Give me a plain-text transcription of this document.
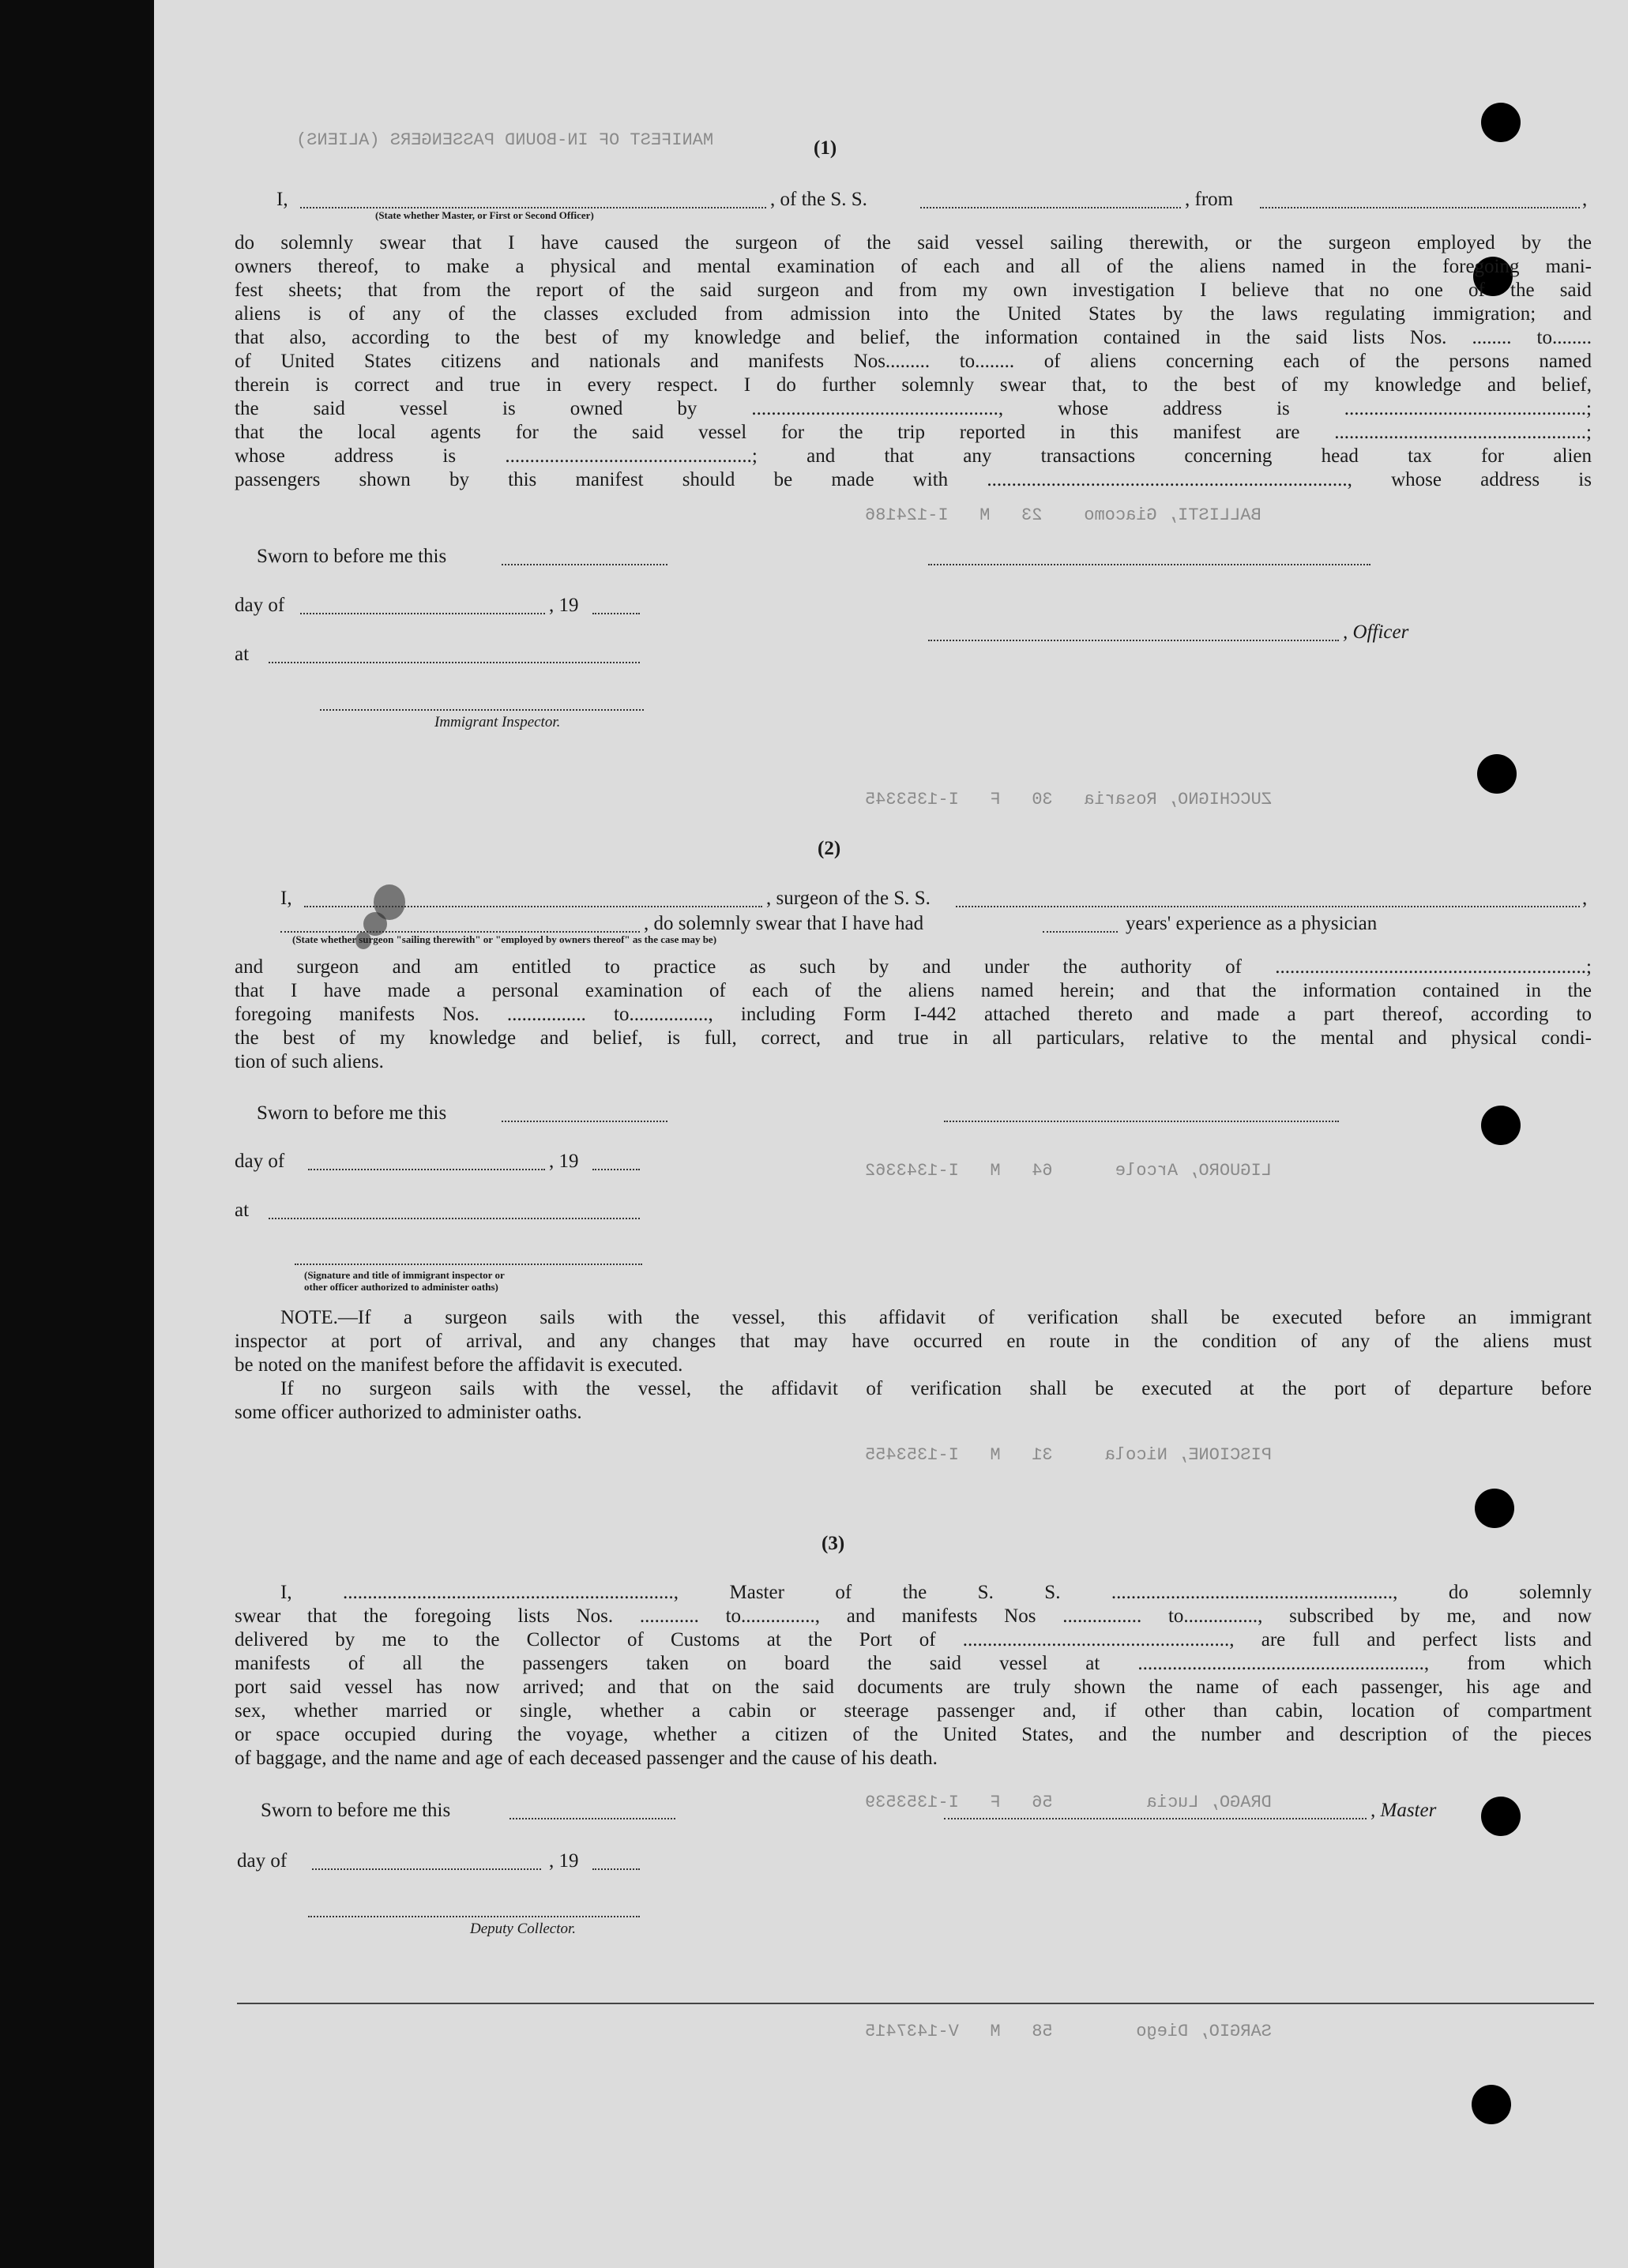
MANIFEST OF IN-BOUND PASSENGERS (ALIENS)
BALLISTI, Giacomo    23   M   I-124186
ZUCCHIGNO, Rosaria   30   F   I-1353345
LIGUORO, Arcole      64   M   I-1343362
PISCIONE, Nicola     31   M   I-1353455
DRAGO, Lucia         56   F   I-1353539
SARGIO, Diego        58   M   V-1437415
(1)
I,	, of the S. S.	, from	,
(State whether Master, or First or Second Officer)
do solemnly swear that I have caused the surgeon of the said vessel sailing therewith, or the surgeon employed by the
owners thereof, to make a physical and mental examination of each and all of the aliens named in the foregoing mani-
fest sheets; that from the report of the said surgeon and from my own investigation I believe that no one of the said
aliens is of any of the classes excluded from admission into the United States by the laws regulating immigration; and
that also, according to the best of my knowledge and belief, the information contained in the said lists Nos. ........ to........
of United States citizens and nationals and manifests Nos......... to........ of aliens concerning each of the persons named
therein is correct and true in every respect. I do further solemnly swear that, to the best of my knowledge and belief,
the said vessel is owned by .................................................., whose address is .................................................;
that the local agents for the said vessel for the trip reported in this manifest are ...................................................;
whose address is ..................................................; and that any transactions concerning head tax for alien
passengers shown by this manifest should be made with ........................................................................., whose address is
Sworn to before me this
day of	, 19
, Officer
at
Immigrant Inspector.
(2)
I,	, surgeon of the S. S.	,
, do solemnly swear that I have had	years' experience as a physician
(State whether surgeon "sailing therewith" or "employed by owners thereof" as the case may be)
and surgeon and am entitled to practice as such by and under the authority of ...............................................................;
that I have made a personal examination of each of the aliens named herein; and that the information contained in the
foregoing manifests Nos. ................ to................, including Form I-442 attached thereto and made a part thereof, according to
the best of my knowledge and belief, is full, correct, and true in all particulars, relative to the mental and physical condi-
tion of such aliens.
Sworn to before me this
day of	, 19
at
(Signature and title of immigrant inspector or
other officer authorized to administer oaths)
NOTE.—If a surgeon sails with the vessel, this affidavit of verification shall be executed before an immigrant
inspector at port of arrival, and any changes that may have occurred en route in the condition of any of the aliens must
be noted on the manifest before the affidavit is executed.
If no surgeon sails with the vessel, the affidavit of verification shall be executed at the port of departure before
some officer authorized to administer oaths.
(3)
I, ..................................................................., Master of the S. S. ........................................................., do solemnly
swear that the foregoing lists Nos. ............ to..............., and manifests Nos ................ to..............., subscribed by me, and now
delivered by me to the Collector of Customs at the Port of ......................................................, are full and perfect lists and
manifests of all the passengers taken on board the said vessel at .........................................................., from which
port said vessel has now arrived; and that on the said documents are truly shown the name of each passenger, his age and
sex, whether married or single, whether a cabin or steerage passenger and, if other than cabin, location of compartment
or space occupied during the voyage, whether a citizen of the United States, and the number and description of the pieces
of baggage, and the name and age of each deceased passenger and the cause of his death.
Sworn to before me this	, Master
day of	, 19
Deputy Collector.
